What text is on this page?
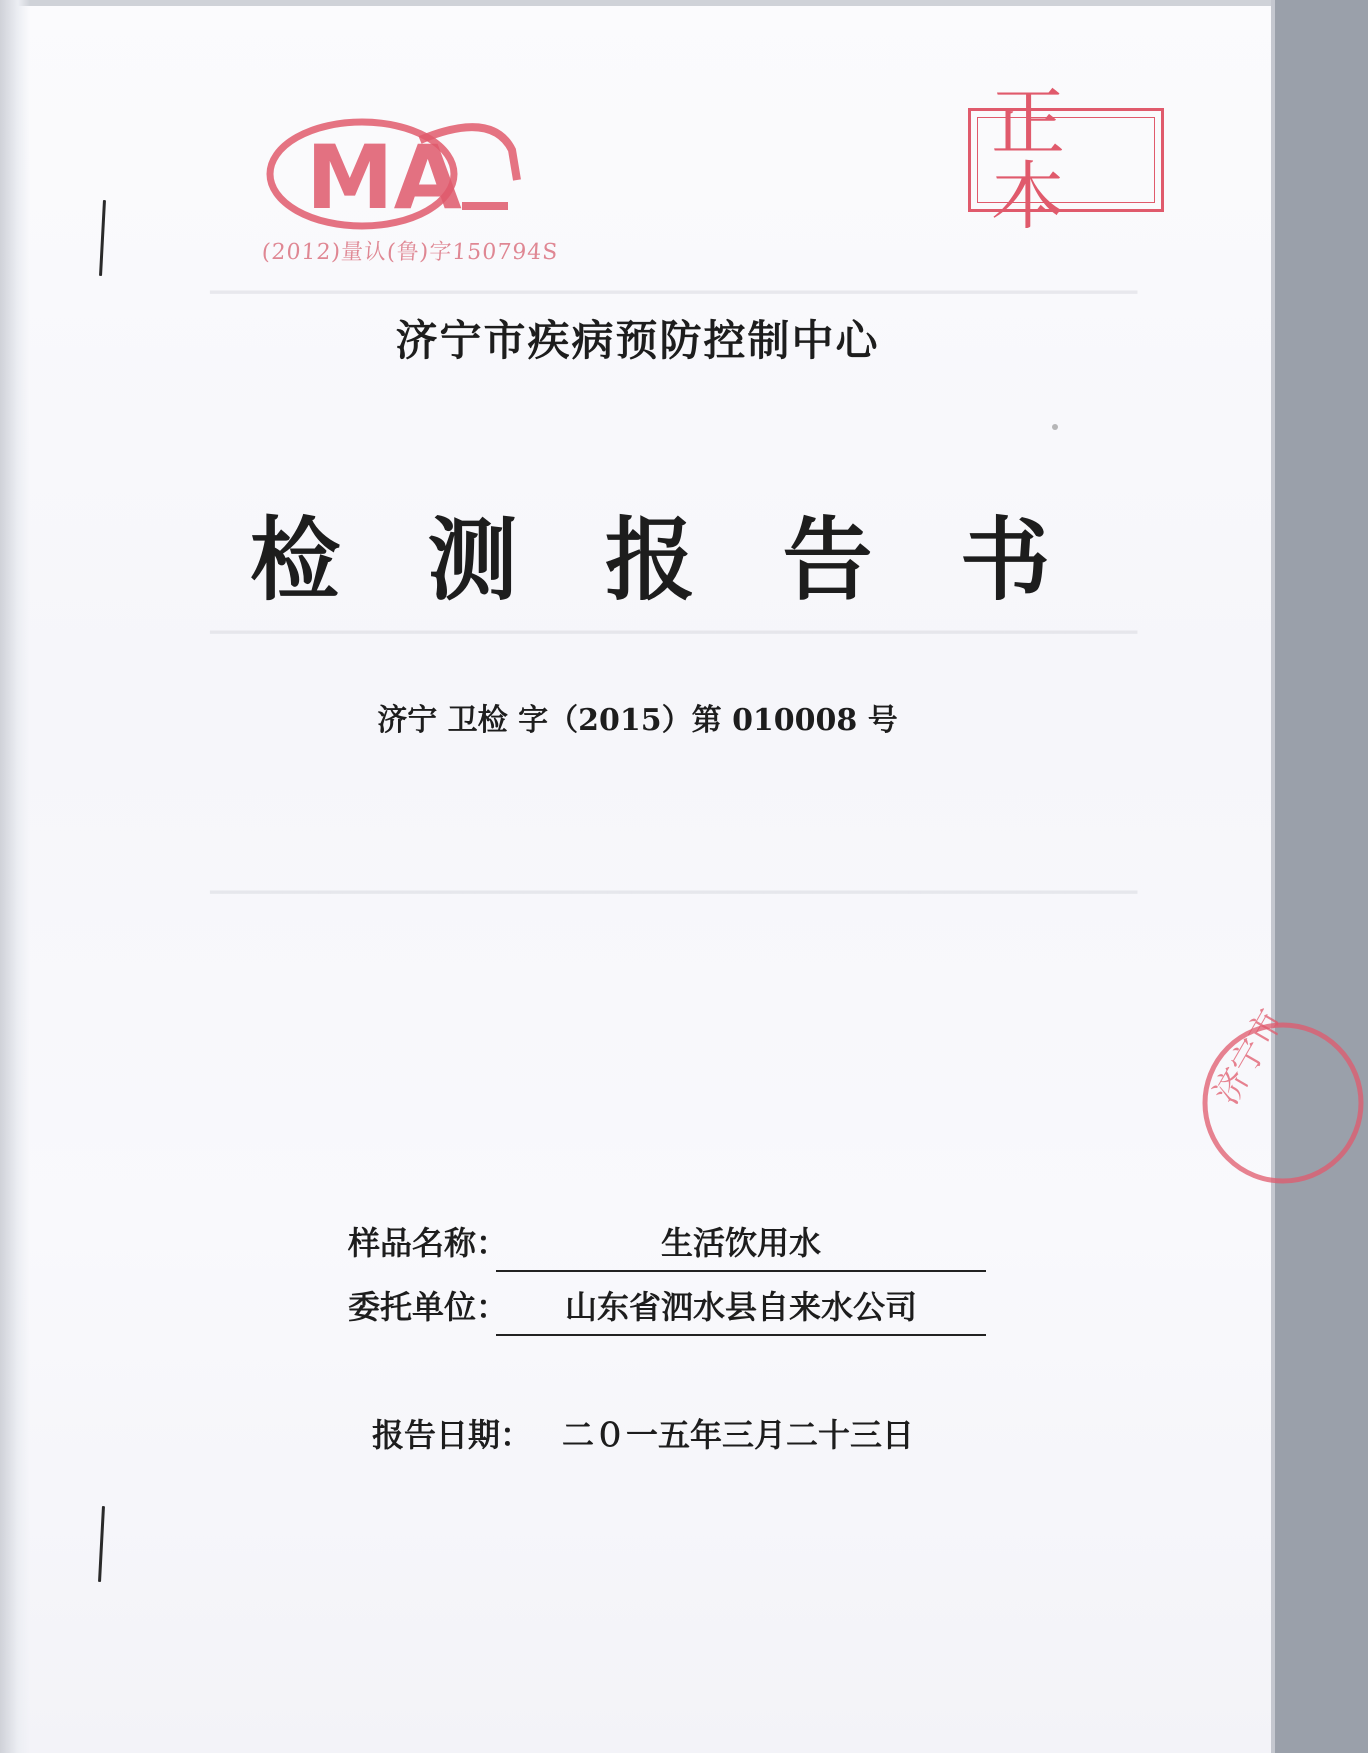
━━━━━━━━━━━━━━━━━━━━━━━━━━━━━━━━━━━━━━━━━━━━━━━━━━━━━━━━━━━━━━━━━━━━━━━━━━━━━
━━━━━━━━━━━━━━━━━━━━━━━━━━━━━━━━━━━━━━━━━━━━━━━━━━━━━━━━━━━━━━━━━━━━━━━━━━━━━
━━━━━━━━━━━━━━━━━━━━━━━━━━━━━━━━━━━━━━━━━━━━━━━━━━━━━━━━━━━━━━━━━━━━━━━━━━━━━
MA
(2012)量认(鲁)字150794S
正本
济宁市
济宁市疾病预防控制中心
检 测 报 告 书
济宁 卫检 字（2015）第 010008 号
样品名称：	生活饮用水
委托单位：	山东省泗水县自来水公司
报告日期： 二０一五年三月二十三日
